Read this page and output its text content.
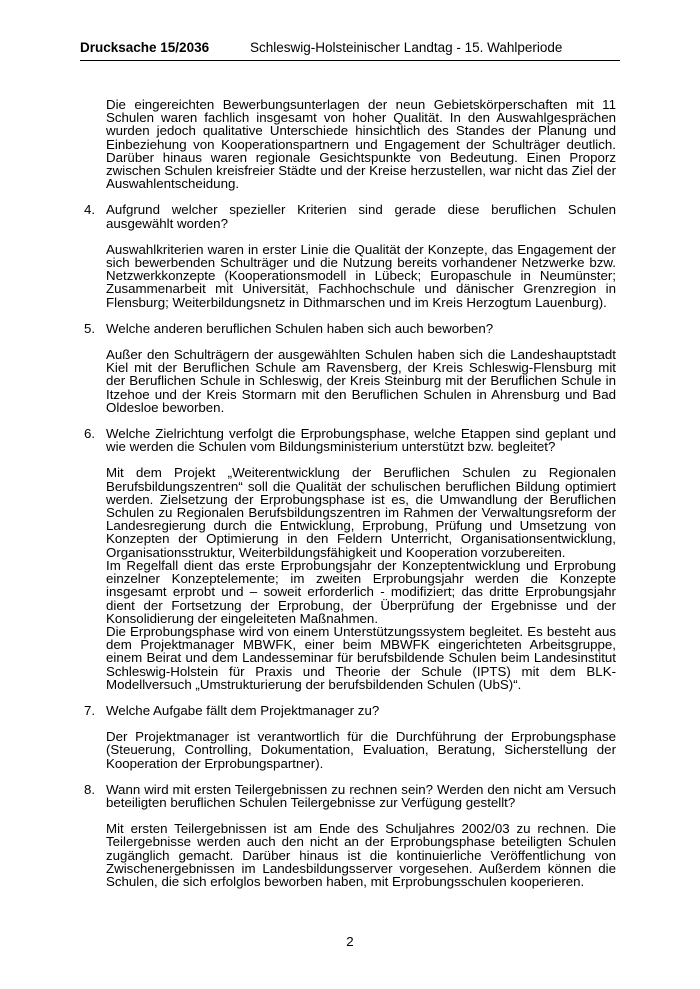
Drucksache 15/2036	Schleswig-Holsteinischer Landtag - 15. Wahlperiode

Die eingereichten Bewerbungsunterlagen der neun Gebietskörperschaften mit 11 Schulen waren fachlich insgesamt von hoher Qualität. In den Auswahlgesprächen wurden jedoch qualitative Unterschiede hinsichtlich des Standes der Planung und Einbeziehung von Kooperationspartnern und Engagement der Schulträger deutlich. Darüber hinaus waren regionale Gesichtspunkte von Bedeutung. Einen Proporz zwischen Schulen kreisfreier Städte und der Kreise herzustellen, war nicht das Ziel der Auswahlentscheidung.

4. Aufgrund welcher spezieller Kriterien sind gerade diese beruflichen Schulen ausgewählt worden?

Auswahlkriterien waren in erster Linie die Qualität der Konzepte, das Engagement der sich bewerbenden Schulträger und die Nutzung bereits vorhandener Netzwerke bzw. Netzwerkkonzepte (Kooperationsmodell in Lübeck; Europaschule in Neumünster; Zusammenarbeit mit Universität, Fachhochschule und dänischer Grenzregion in Flensburg; Weiterbildungsnetz in Dithmarschen und im Kreis Herzogtum Lauenburg).

5. Welche anderen beruflichen Schulen haben sich auch beworben?

Außer den Schulträgern der ausgewählten Schulen haben sich die Landeshauptstadt Kiel mit der Beruflichen Schule am Ravensberg, der Kreis Schleswig-Flensburg mit der Beruflichen Schule in Schleswig, der Kreis Steinburg mit der Beruflichen Schule in Itzehoe und der Kreis Stormarn mit den Beruflichen Schulen in Ahrensburg und Bad Oldesloe beworben.

6. Welche Zielrichtung verfolgt die Erprobungsphase, welche Etappen sind geplant und wie werden die Schulen vom Bildungsministerium unterstützt bzw. begleitet?

Mit dem Projekt „Weiterentwicklung der Beruflichen Schulen zu Regionalen Berufsbildungszentren“ soll die Qualität der schulischen beruflichen Bildung optimiert werden. Zielsetzung der Erprobungsphase ist es, die Umwandlung der Beruflichen Schulen zu Regionalen Berufsbildungszentren im Rahmen der Verwaltungsreform der Landesregierung durch die Entwicklung, Erprobung, Prüfung und Umsetzung von Konzepten der Optimierung in den Feldern Unterricht, Organisationsentwicklung, Organisationsstruktur, Weiterbildungsfähigkeit und Kooperation vorzubereiten.

Im Regelfall dient das erste Erprobungsjahr der Konzeptentwicklung und Erprobung einzelner Konzeptelemente; im zweiten Erprobungsjahr werden die Konzepte insgesamt erprobt und – soweit erforderlich - modifiziert; das dritte Erprobungsjahr dient der Fortsetzung der Erprobung, der Überprüfung der Ergebnisse und der Konsolidierung der eingeleiteten Maßnahmen.

Die Erprobungsphase wird von einem Unterstützungssystem begleitet. Es besteht aus dem Projektmanager MBWFK, einer beim MBWFK eingerichteten Arbeitsgruppe, einem Beirat und dem Landesseminar für berufsbildende Schulen beim Landesinstitut Schleswig-Holstein für Praxis und Theorie der Schule (IPTS) mit dem BLK-Modellversuch „Umstrukturierung der berufsbildenden Schulen (UbS)“.

7. Welche Aufgabe fällt dem Projektmanager zu?

Der Projektmanager ist verantwortlich für die Durchführung der Erprobungsphase (Steuerung, Controlling, Dokumentation, Evaluation, Beratung, Sicherstellung der Kooperation der Erprobungspartner).

8. Wann wird mit ersten Teilergebnissen zu rechnen sein? Werden den nicht am Versuch beteiligten beruflichen Schulen Teilergebnisse zur Verfügung gestellt?

Mit ersten Teilergebnissen ist am Ende des Schuljahres 2002/03 zu rechnen. Die Teilergebnisse werden auch den nicht an der Erprobungsphase beteiligten Schulen zugänglich gemacht. Darüber hinaus ist die kontinuierliche Veröffentlichung von Zwischenergebnissen im Landesbildungsserver vorgesehen. Außerdem können die Schulen, die sich erfolglos beworben haben, mit Erprobungsschulen kooperieren.

2
